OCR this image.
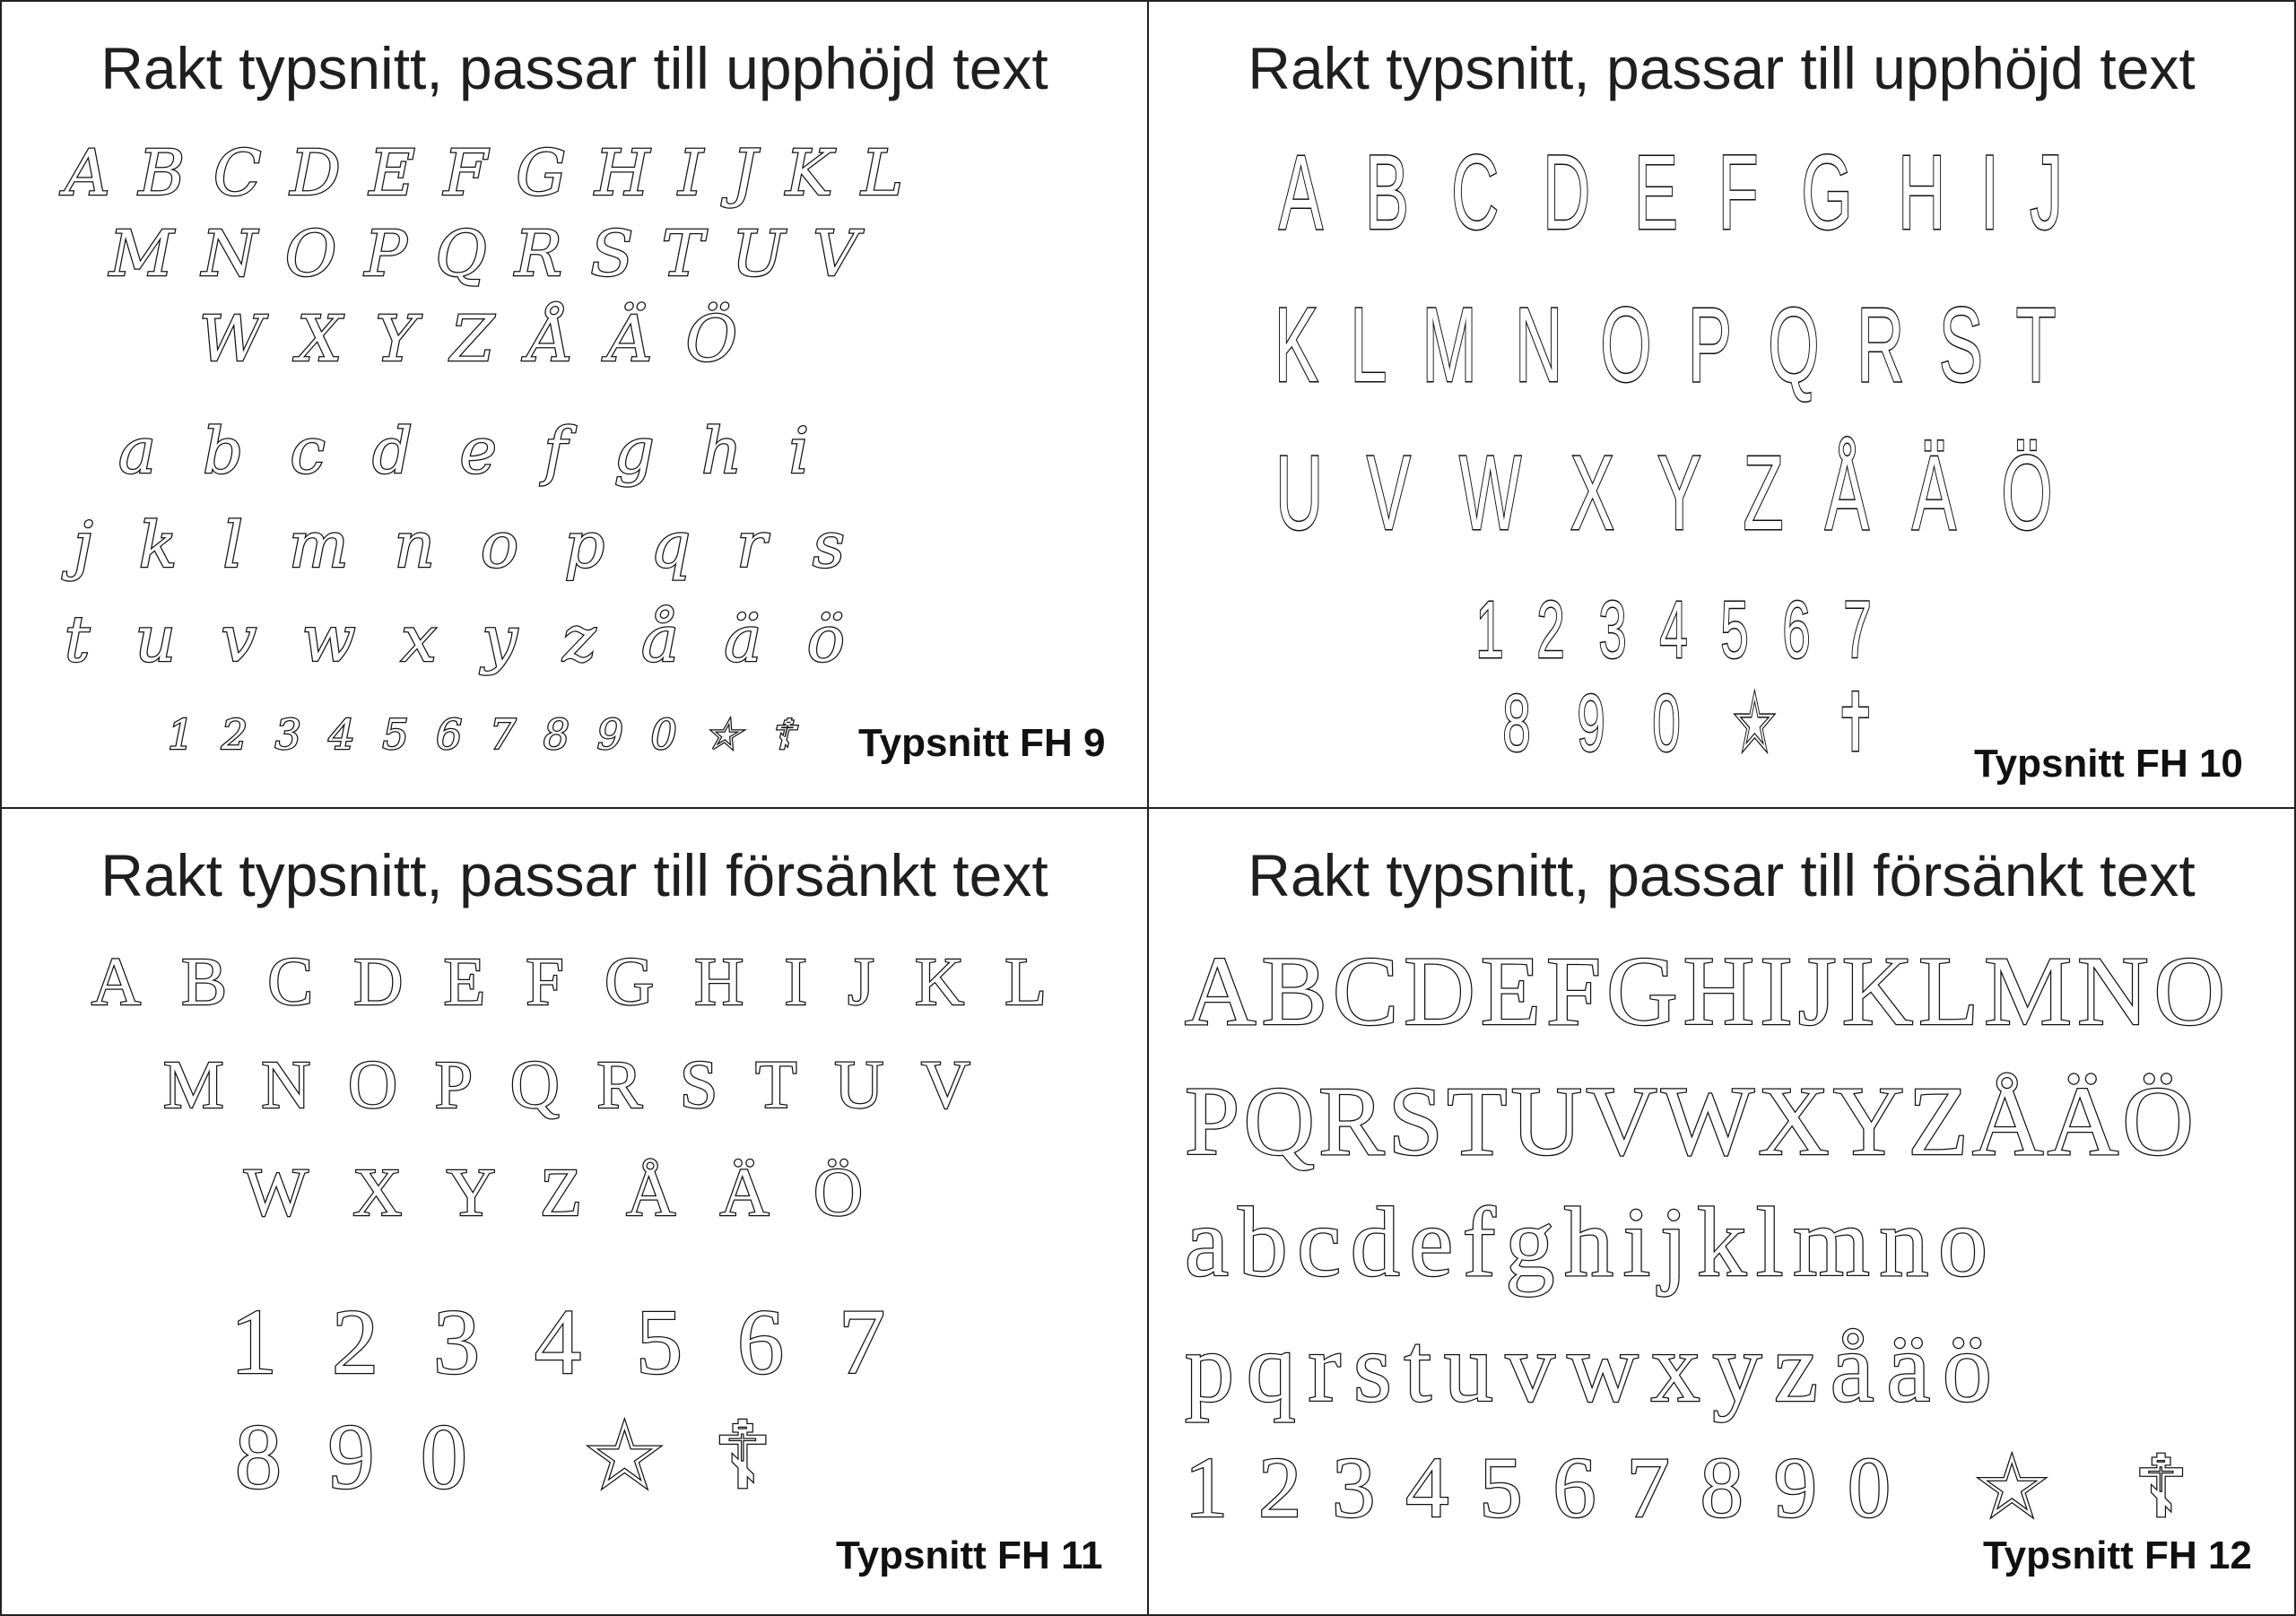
Rakt typsnitt, passar till upphöjd text
A B C D E F G H I J K L
M N O P Q R S T U V
W X Y Z Å Ä Ö
a b c d e f g h i
j k l m n o p q r s
t u v w x y z å ä ö
1 2 3 4 5 6 7 8 9 0 ☆ ☦ Typsnitt FH 9
Rakt typsnitt, passar till upphöjd text
A B C D E F G H I J
K L M N O P Q R S T
U V W X Y Z Å Ä Ö
1 2 3 4 5 6 7
8 9 0 ☆ ✝ Typsnitt FH 10
Rakt typsnitt, passar till försänkt text
A B C D E F G H I J K L
M N O P Q R S T U V
W X Y Z Å Ä Ö
1 2 3 4 5 6 7
8 9 0
☆ ☦
Typsnitt FH 11
Rakt typsnitt, passar till försänkt text
A B C D E F G H I J K L M N O
P Q R S T U V W X Y Z Å Ä Ö
a b c d e f g h i j k l m n o
p q r s t u v w x y z å ä ö
1 2 3 4 5 6 7 8 9 0
☆
☦
Typsnitt FH 12
